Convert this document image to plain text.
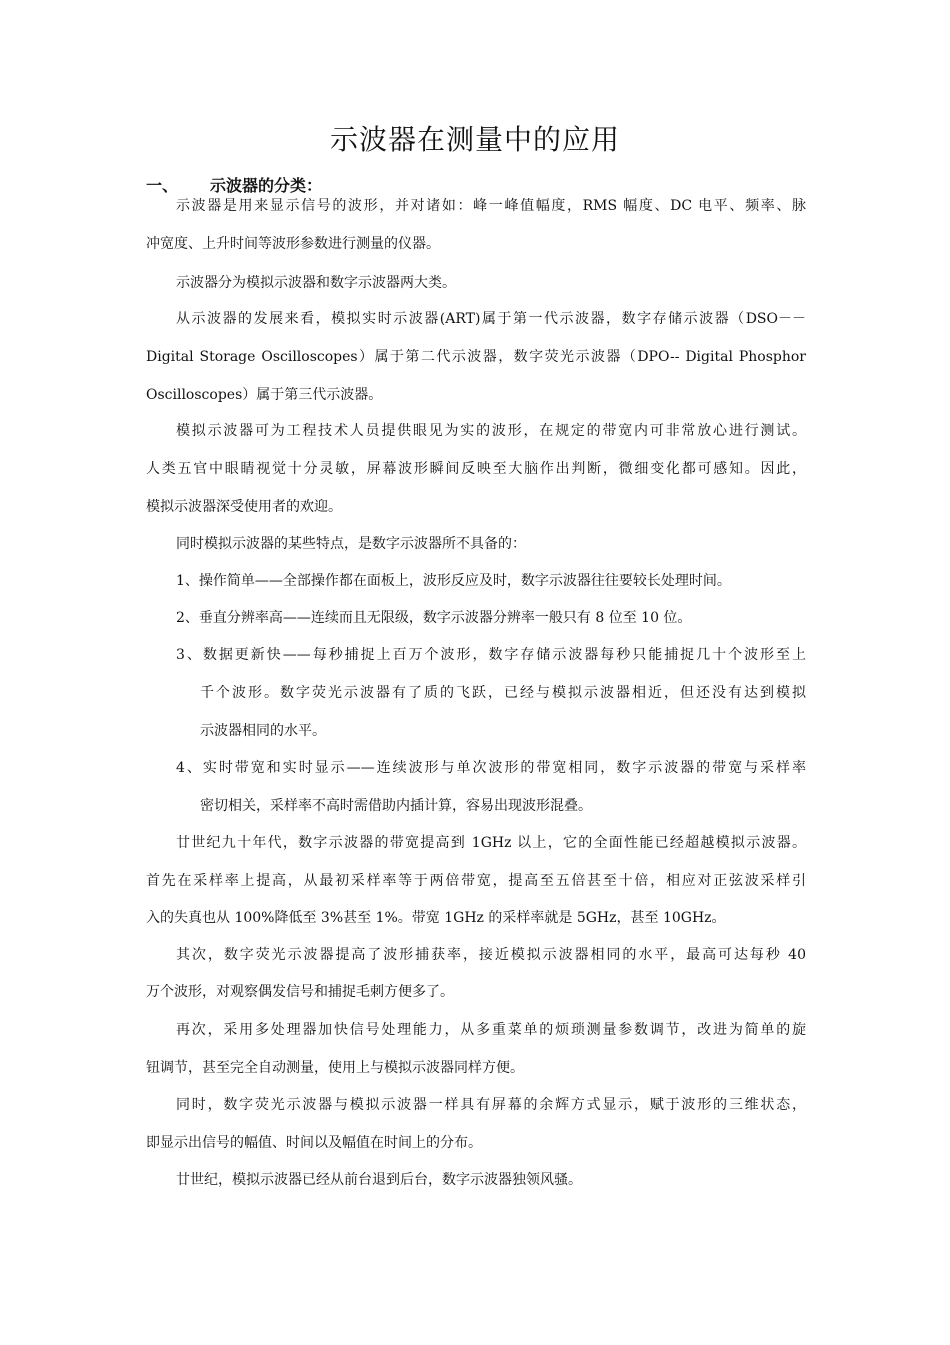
示波器在测量中的应用
一、 示波器的分类：
示波器是用来显示信号的波形，并对诸如：峰一峰值幅度，RMS 幅度、DC 电平、频率、脉
冲宽度、上升时间等波形参数进行测量的仪器。
示波器分为模拟示波器和数字示波器两大类。
从示波器的发展来看，模拟实时示波器(ART)属于第一代示波器，数字存储示波器（DSO－－
Digital Storage Oscilloscopes）属于第二代示波器，数字荧光示波器（DPO-- Digital Phosphor
Oscilloscopes）属于第三代示波器。
模拟示波器可为工程技术人员提供眼见为实的波形，在规定的带宽内可非常放心进行测试。
人类五官中眼睛视觉十分灵敏，屏幕波形瞬间反映至大脑作出判断，微细变化都可感知。因此，
模拟示波器深受使用者的欢迎。
同时模拟示波器的某些特点，是数字示波器所不具备的：
1、操作简单——全部操作都在面板上，波形反应及时，数字示波器往往要较长处理时间。
2、垂直分辨率高——连续而且无限级，数字示波器分辨率一般只有 8 位至 10 位。
3、数据更新快——每秒捕捉上百万个波形，数字存储示波器每秒只能捕捉几十个波形至上
千个波形。数字荧光示波器有了质的飞跃，已经与模拟示波器相近，但还没有达到模拟
示波器相同的水平。
4、实时带宽和实时显示——连续波形与单次波形的带宽相同，数字示波器的带宽与采样率
密切相关，采样率不高时需借助内插计算，容易出现波形混叠。
廿世纪九十年代，数字示波器的带宽提高到 1GHz 以上，它的全面性能已经超越模拟示波器。
首先在采样率上提高，从最初采样率等于两倍带宽，提高至五倍甚至十倍，相应对正弦波采样引
入的失真也从 100%降低至 3%甚至 1%。带宽 1GHz 的采样率就是 5GHz，甚至 10GHz。
其次，数字荧光示波器提高了波形捕获率，接近模拟示波器相同的水平，最高可达每秒 40
万个波形，对观察偶发信号和捕捉毛刺方便多了。
再次，采用多处理器加快信号处理能力，从多重菜单的烦琐测量参数调节，改进为简单的旋
钮调节，甚至完全自动测量，使用上与模拟示波器同样方便。
同时，数字荧光示波器与模拟示波器一样具有屏幕的余辉方式显示，赋于波形的三维状态，
即显示出信号的幅值、时间以及幅值在时间上的分布。
廿世纪，模拟示波器已经从前台退到后台，数字示波器独领风骚。
